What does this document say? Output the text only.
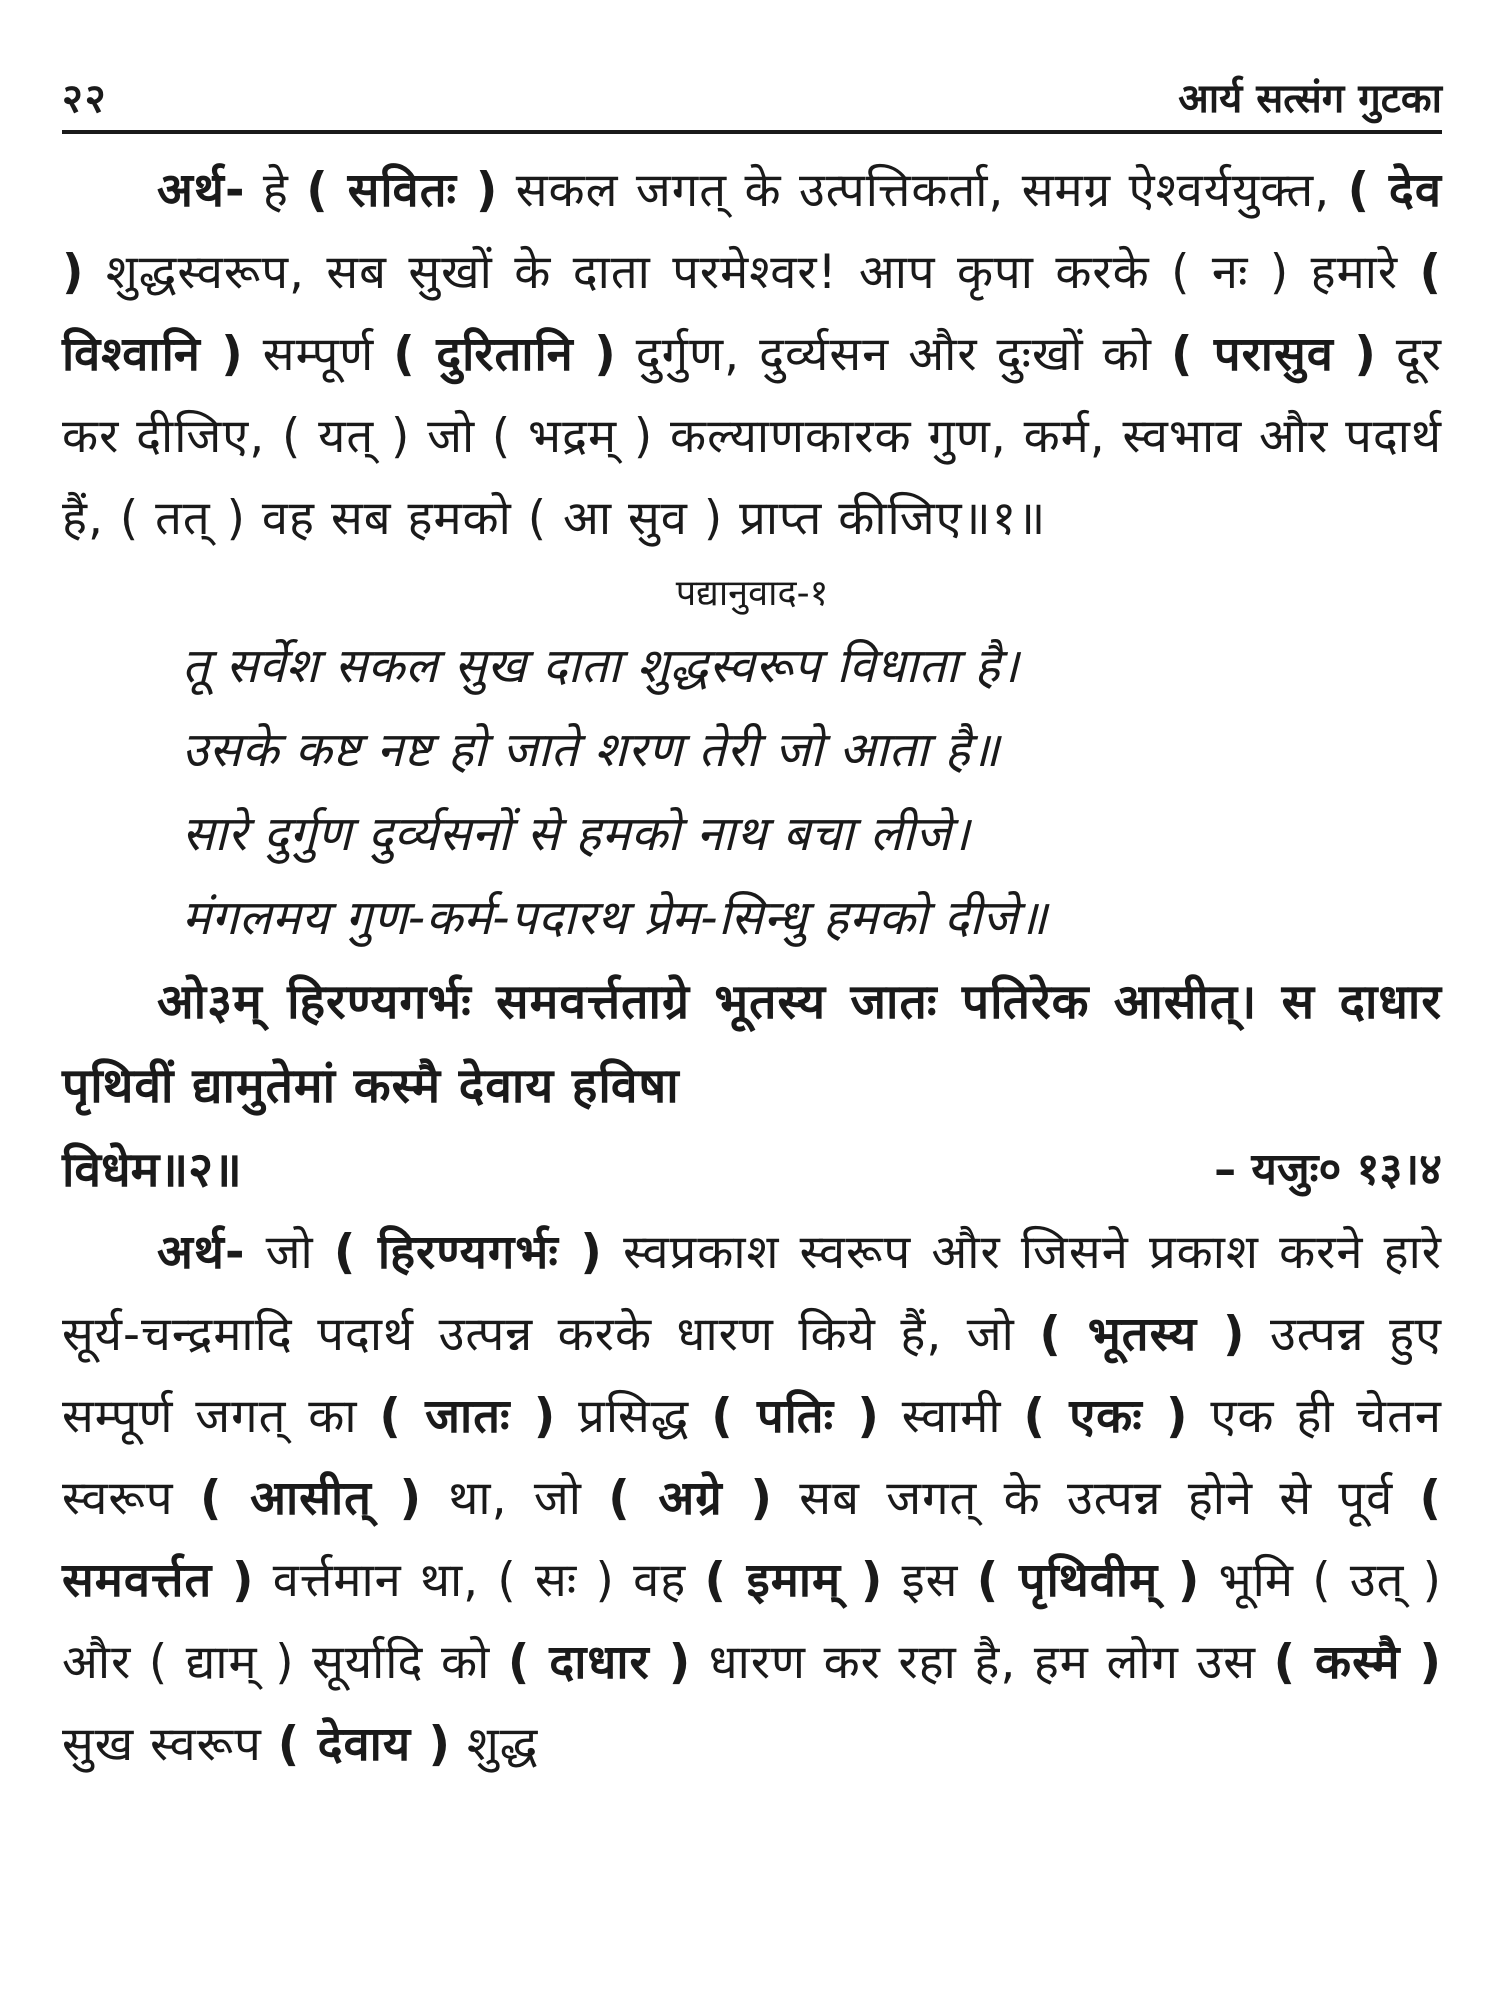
२२	आर्य सत्संग गुटका

अर्थ- हे ( सवितः ) सकल जगत् के उत्पत्तिकर्ता, समग्र ऐश्वर्ययुक्त, ( देव ) शुद्धस्वरूप, सब सुखों के दाता परमेश्वर! आप कृपा करके ( नः ) हमारे ( विश्वानि ) सम्पूर्ण ( दुरितानि ) दुर्गुण, दुर्व्यसन और दुःखों को ( परासुव ) दूर कर दीजिए, ( यत् ) जो ( भद्रम् ) कल्याणकारक गुण, कर्म, स्वभाव और पदार्थ हैं, ( तत् ) वह सब हमको ( आ सुव ) प्राप्त कीजिए॥१॥

पद्यानुवाद-१

तू सर्वेश सकल सुख दाता शुद्धस्वरूप विधाता है।
उसके कष्ट नष्ट हो जाते शरण तेरी जो आता है॥
सारे दुर्गुण दुर्व्यसनों से हमको नाथ बचा लीजे।
मंगलमय गुण-कर्म-पदारथ प्रेम-सिन्धु हमको दीजे॥

ओ३म् हिरण्यगर्भः समवर्त्तताग्रे भूतस्य जातः पतिरेक आसीत्। स दाधार पृथिवीं द्यामुतेमां कस्मै देवाय हविषा

विधेम॥२॥	– यजुः० १३।४

अर्थ- जो ( हिरण्यगर्भः ) स्वप्रकाश स्वरूप और जिसने प्रकाश करने हारे सूर्य-चन्द्रमादि पदार्थ उत्पन्न करके धारण किये हैं, जो ( भूतस्य ) उत्पन्न हुए सम्पूर्ण जगत् का ( जातः ) प्रसिद्ध ( पतिः ) स्वामी ( एकः ) एक ही चेतन स्वरूप ( आसीत् ) था, जो ( अग्रे ) सब जगत् के उत्पन्न होने से पूर्व ( समवर्त्तत ) वर्त्तमान था, ( सः ) वह ( इमाम् ) इस ( पृथिवीम् ) भूमि ( उत् ) और ( द्याम् ) सूर्यादि को ( दाधार ) धारण कर रहा है, हम लोग उस ( कस्मै ) सुख स्वरूप ( देवाय ) शुद्ध
